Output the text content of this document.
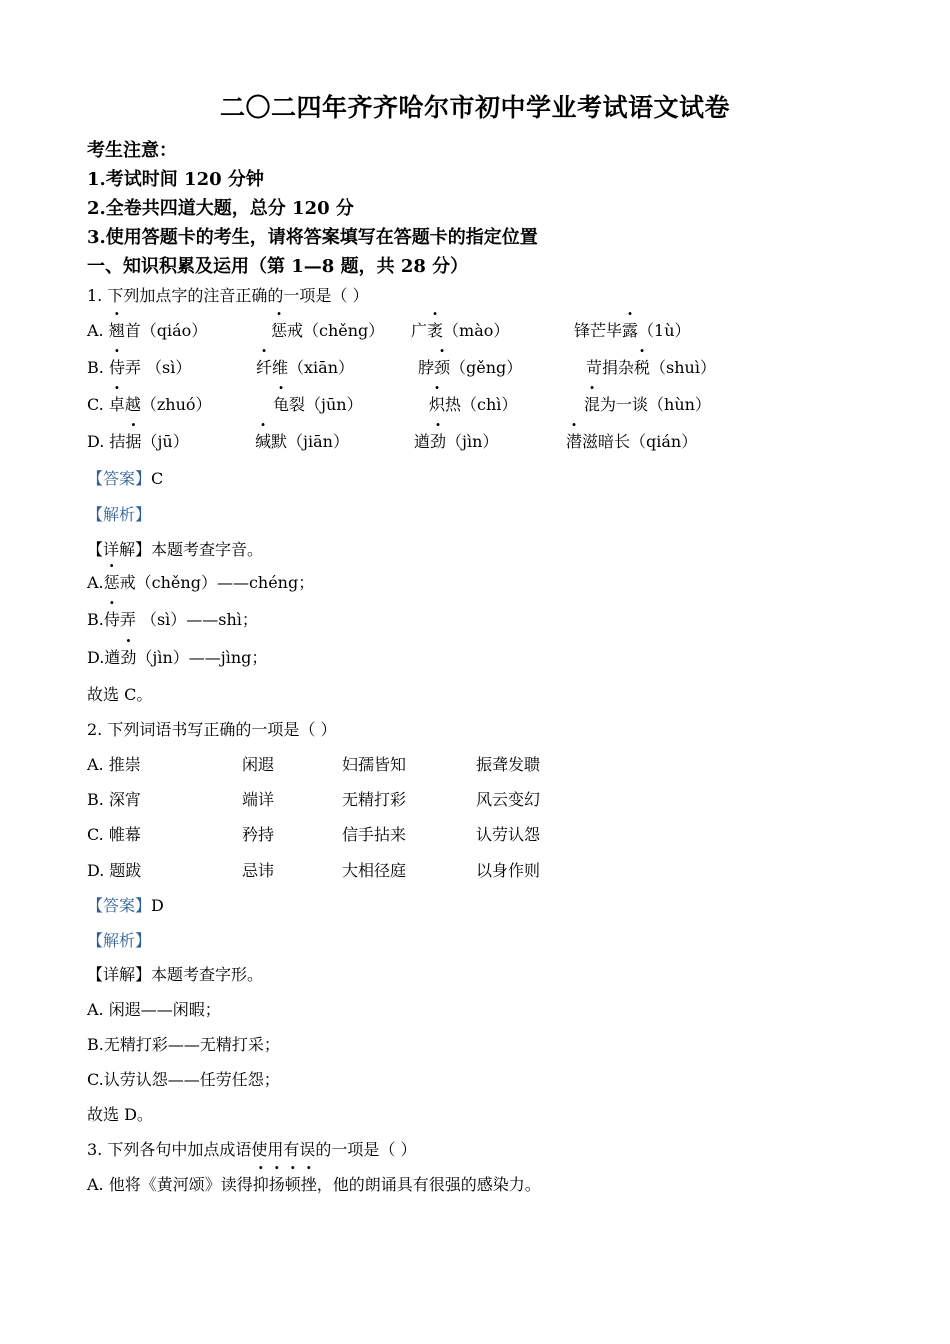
二〇二四年齐齐哈尔市初中学业考试语文试卷
考生注意：
1.考试时间 120 分钟
2.全卷共四道大题，总分 120 分
3.使用答题卡的考生，请将答案填写在答题卡的指定位置
一、知识积累及运用（第 1—8 题，共 28 分）
1. 下列加点字的注音正确的一项是（ ）
A. 翘首（qiáo）	惩戒（chěng） 广袤（mào）	锋芒毕露（1ù）
B. 侍弄 （sì）	纤维（xiān）	脖颈（gěng）	苛捐杂税（shuì）
C. 卓越（zhuó）	龟裂（jūn）	炽热（chì）	混为一谈（hùn）
D. 拮据（jū）	缄默（jiān）	遒劲（jìn）	潜滋暗长（qián）
【答案】C
【解析】
【详解】本题考查字音。
A.惩戒（chěng）——chéng；
B.侍弄 （sì）——shì；
D.遒劲（jìn）——jìng；
故选 C。
2. 下列词语书写正确的一项是（ ）
A. 推崇	闲遐	妇孺皆知	振聋发聩
B. 深宵	端详	无精打彩	风云变幻
C. 帷幕	矜持	信手拈来	认劳认怨
D. 题跋	忌讳	大相径庭	以身作则
【答案】D
【解析】
【详解】本题考查字形。
A. 闲遐——闲暇；
B.无精打彩——无精打采；
C.认劳认怨——任劳任怨；
故选 D。
3. 下列各句中加点成语使用有误的一项是（ ）
A. 他将《黄河颂》读得抑扬顿挫，他的朗诵具有很强的感染力。
